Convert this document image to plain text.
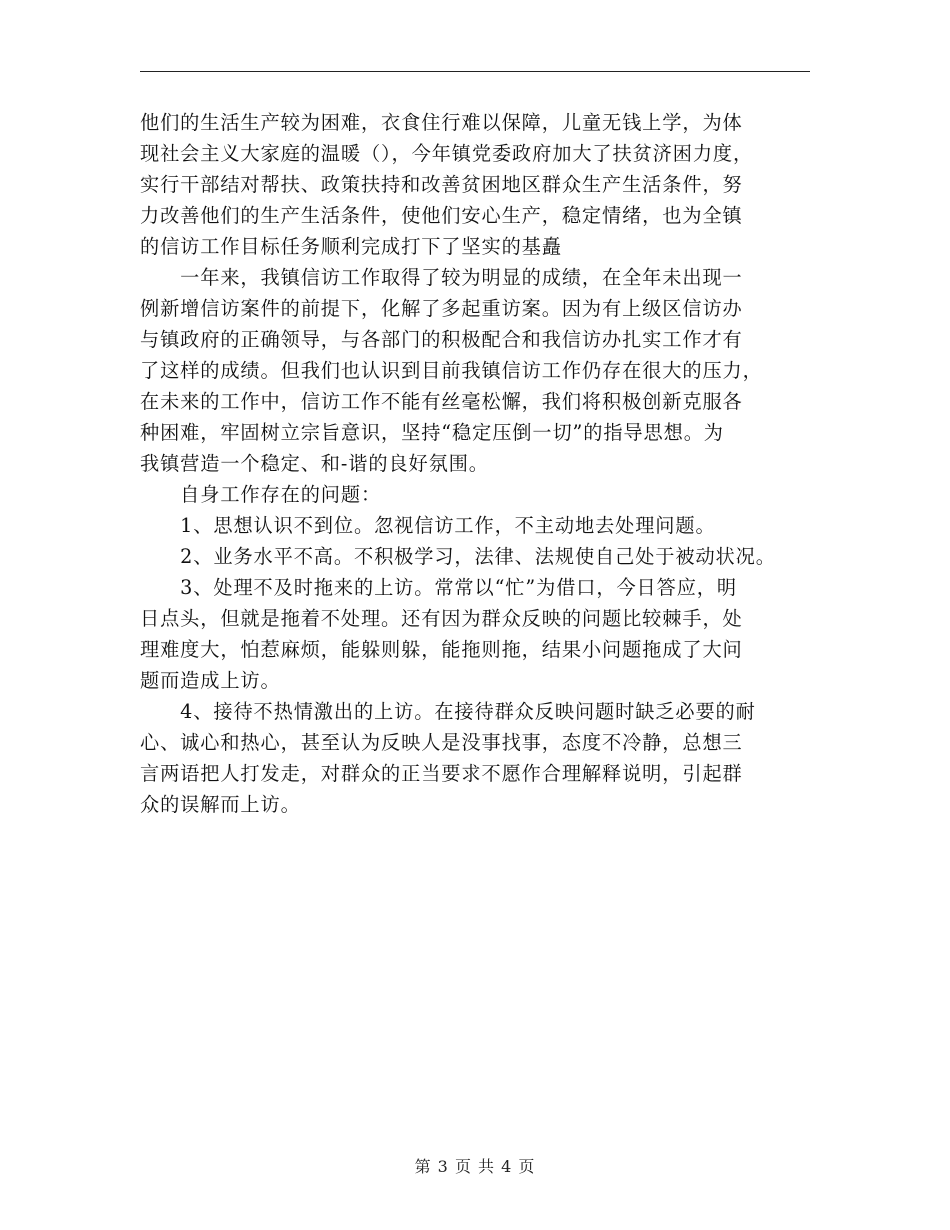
他们的生活生产较为困难，衣食住行难以保障，儿童无钱上学，为体
现社会主义大家庭的温暖（），今年镇党委政府加大了扶贫济困力度，
实行干部结对帮扶、政策扶持和改善贫困地区群众生产生活条件，努
力改善他们的生产生活条件，使他们安心生产，稳定情绪，也为全镇
的信访工作目标任务顺利完成打下了坚实的基矗
　　一年来，我镇信访工作取得了较为明显的成绩，在全年未出现一
例新增信访案件的前提下，化解了多起重访案。因为有上级区信访办
与镇政府的正确领导，与各部门的积极配合和我信访办扎实工作才有
了这样的成绩。但我们也认识到目前我镇信访工作仍存在很大的压力，
在未来的工作中，信访工作不能有丝毫松懈，我们将积极创新克服各
种困难，牢固树立宗旨意识，坚持“稳定压倒一切”的指导思想。为
我镇营造一个稳定、和-谐的良好氛围。
　　自身工作存在的问题：
　　1、思想认识不到位。忽视信访工作，不主动地去处理问题。
　　2、业务水平不高。不积极学习，法律、法规使自己处于被动状况。
　　3、处理不及时拖来的上访。常常以“忙”为借口，今日答应，明
日点头，但就是拖着不处理。还有因为群众反映的问题比较棘手，处
理难度大，怕惹麻烦，能躲则躲，能拖则拖，结果小问题拖成了大问
题而造成上访。
　　4、接待不热情激出的上访。在接待群众反映问题时缺乏必要的耐
心、诚心和热心，甚至认为反映人是没事找事，态度不冷静，总想三
言两语把人打发走，对群众的正当要求不愿作合理解释说明，引起群
众的误解而上访。
第 3 页 共 4 页
